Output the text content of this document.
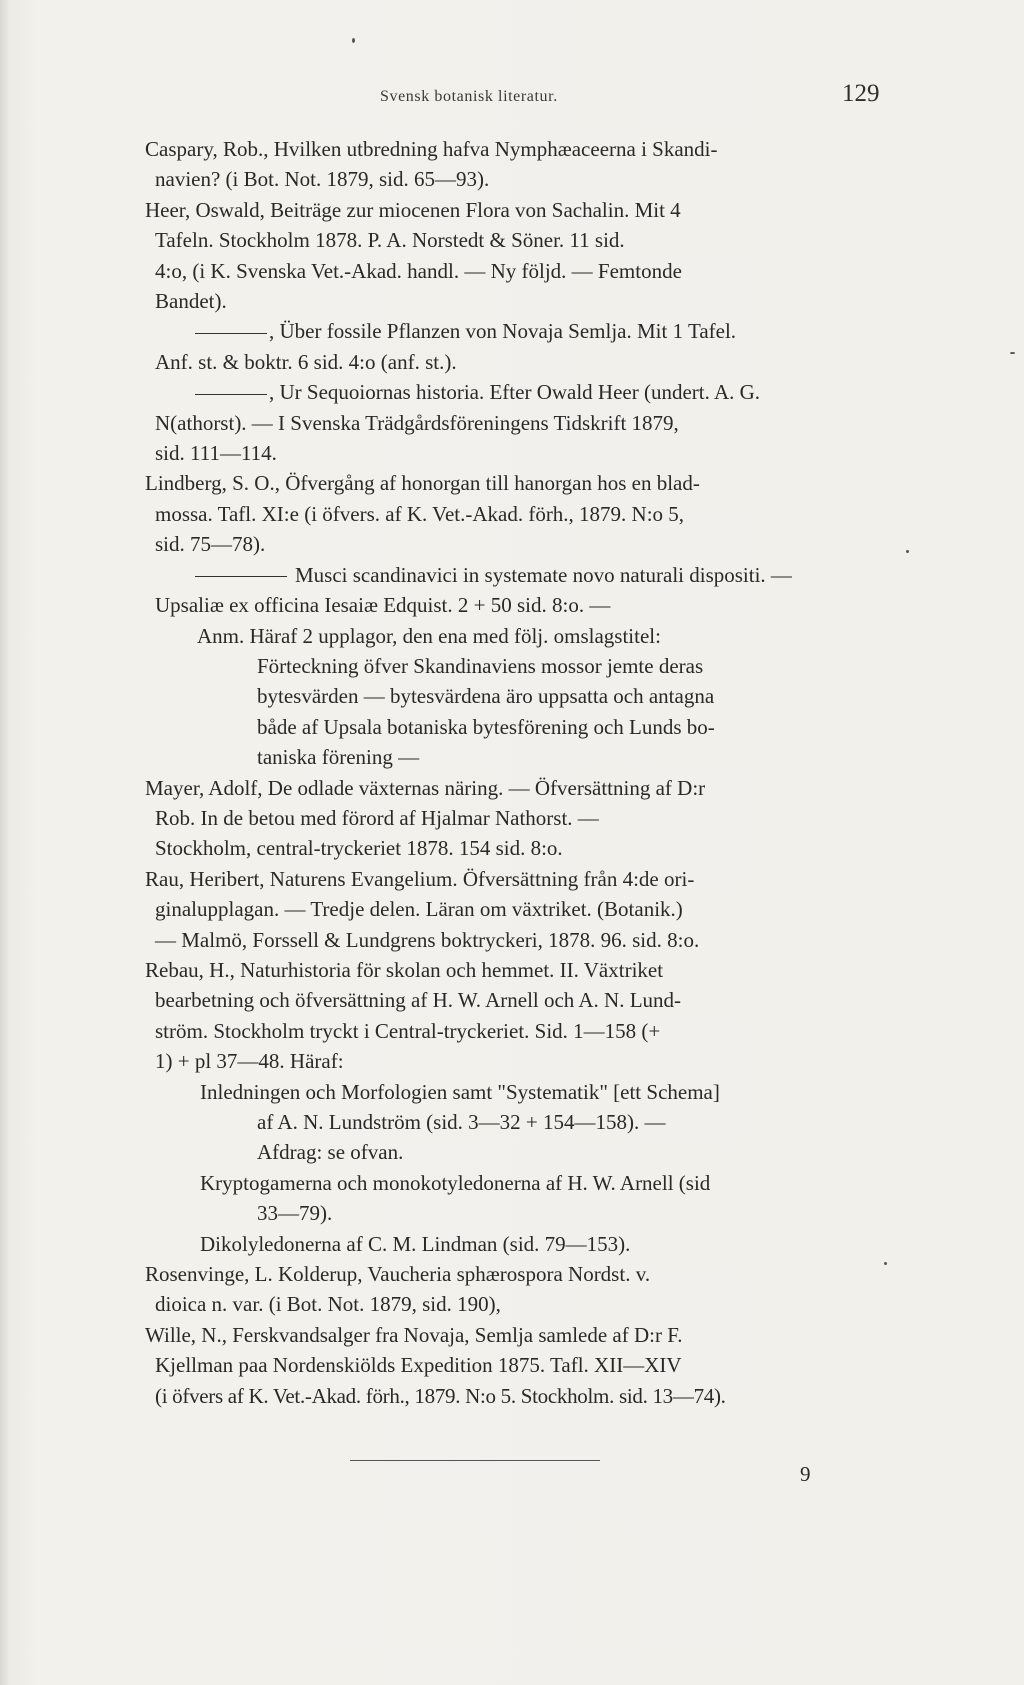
Svensk botanisk literatur.	129
Caspary, Rob., Hvilken utbredning hafva Nymphæaceerna i Skandi-
navien? (i Bot. Not. 1879, sid. 65—93).
Heer, Oswald, Beiträge zur miocenen Flora von Sachalin. Mit 4
Tafeln. Stockholm 1878. P. A. Norstedt & Söner. 11 sid.
4:o, (i K. Svenska Vet.-Akad. handl. — Ny följd. — Femtonde
Bandet).
, Über fossile Pflanzen von Novaja Semlja. Mit 1 Tafel.
Anf. st. & boktr. 6 sid. 4:o (anf. st.).
, Ur Sequoiornas historia. Efter Owald Heer (undert. A. G.
N(athorst). — I Svenska Trädgårdsföreningens Tidskrift 1879,
sid. 111—114.
Lindberg, S. O., Öfvergång af honorgan till hanorgan hos en blad-
mossa. Tafl. XI:e (i öfvers. af K. Vet.-Akad. förh., 1879. N:o 5,
sid. 75—78).
Musci scandinavici in systemate novo naturali dispositi. —
Upsaliæ ex officina Iesaiæ Edquist. 2 + 50 sid. 8:o. —
Anm. Häraf 2 upplagor, den ena med följ. omslagstitel:
Förteckning öfver Skandinaviens mossor jemte deras
bytesvärden — bytesvärdena äro uppsatta och antagna
både af Upsala botaniska bytesförening och Lunds bo-
taniska förening —
Mayer, Adolf, De odlade växternas näring. — Öfversättning af D:r
Rob. In de betou med förord af Hjalmar Nathorst. —
Stockholm, central-tryckeriet 1878. 154 sid. 8:o.
Rau, Heribert, Naturens Evangelium. Öfversättning från 4:de ori-
ginalupplagan. — Tredje delen. Läran om växtriket. (Botanik.)
— Malmö, Forssell & Lundgrens boktryckeri, 1878. 96. sid. 8:o.
Rebau, H., Naturhistoria för skolan och hemmet. II. Växtriket
bearbetning och öfversättning af H. W. Arnell och A. N. Lund-
ström. Stockholm tryckt i Central-tryckeriet. Sid. 1—158 (+
1) + pl 37—48. Häraf:
Inledningen och Morfologien samt "Systematik" [ett Schema]
af A. N. Lundström (sid. 3—32 + 154—158). —
Afdrag: se ofvan.
Kryptogamerna och monokotyledonerna af H. W. Arnell (sid
33—79).
Dikolyledonerna af C. M. Lindman (sid. 79—153).
Rosenvinge, L. Kolderup, Vaucheria sphærospora Nordst. v.
dioica n. var. (i Bot. Not. 1879, sid. 190),
Wille, N., Ferskvandsalger fra Novaja, Semlja samlede af D:r F.
Kjellman paa Nordenskiölds Expedition 1875. Tafl. XII—XIV
(i öfvers af K. Vet.-Akad. förh., 1879. N:o 5. Stockholm. sid. 13—74).
9
